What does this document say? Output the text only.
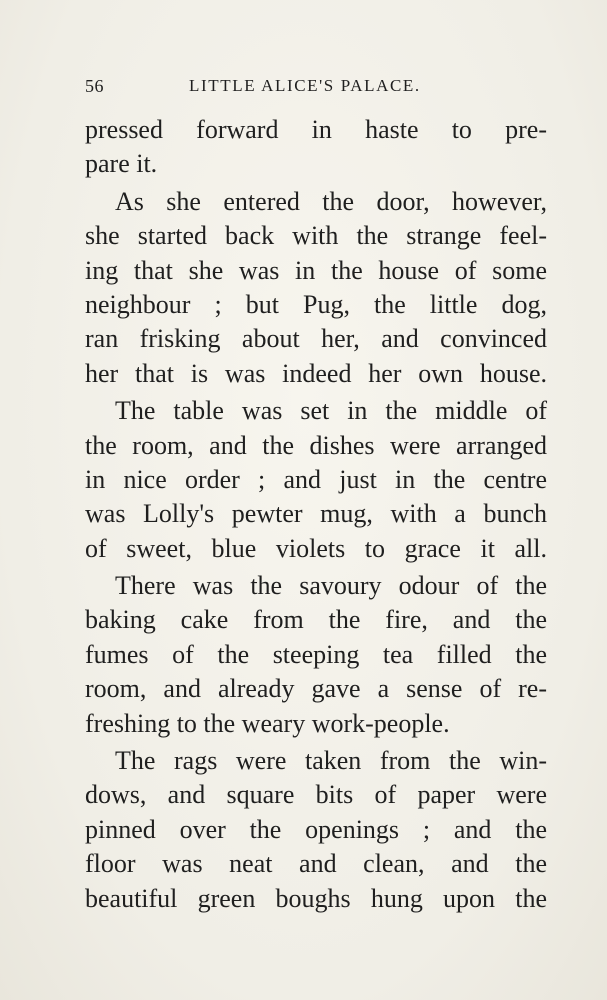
56	LITTLE ALICE'S PALACE.
pressed forward in haste to pre-
pare it.
As she entered the door, however,
she started back with the strange feel-
ing that she was in the house of some
neighbour ; but Pug, the little dog,
ran frisking about her, and convinced
her that is was indeed her own house.
The table was set in the middle of
the room, and the dishes were arranged
in nice order ; and just in the centre
was Lolly's pewter mug, with a bunch
of sweet, blue violets to grace it all.
There was the savoury odour of the
baking cake from the fire, and the
fumes of the steeping tea filled the
room, and already gave a sense of re-
freshing to the weary work-people.
The rags were taken from the win-
dows, and square bits of paper were
pinned over the openings ; and the
floor was neat and clean, and the
beautiful green boughs hung upon the
